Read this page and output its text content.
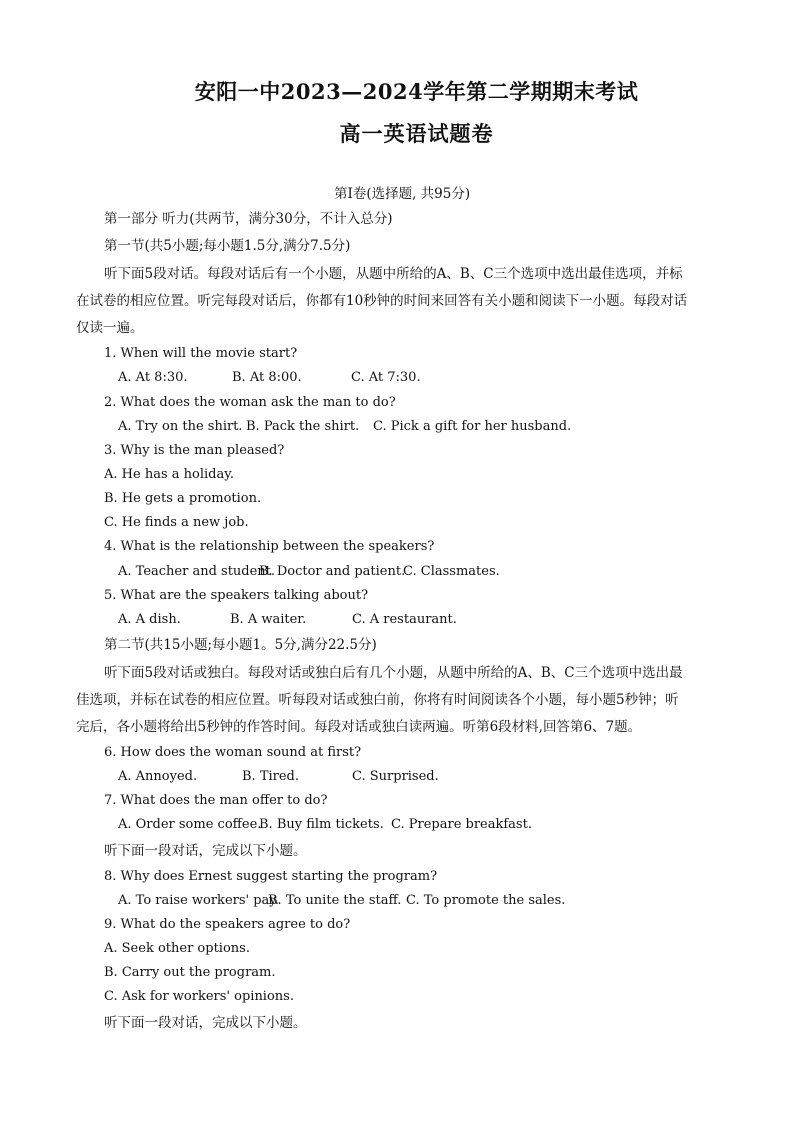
安阳一中2023—2024学年第二学期期末考试
高一英语试题卷
第Ⅰ卷(选择题, 共95分)
第一部分 听力(共两节，满分30分，不计入总分)
第一节(共5小题;每小题1.5分,满分7.5分)
听下面5段对话。每段对话后有一个小题，从题中所给的A、B、C三个选项中选出最佳选项，并标
在试卷的相应位置。听完每段对话后，你都有10秒钟的时间来回答有关小题和阅读下一小题。每段对话
仅读一遍。
1. When will the movie start?
A. At 8:30.	B. At 8:00.	C. At 7:30.
2. What does the woman ask the man to do?
A. Try on the shirt. B. Pack the shirt. C. Pick a gift for her husband.
3. Why is the man pleased?
A. He has a holiday.
B. He gets a promotion.
C. He finds a new job.
4. What is the relationship between the speakers?
A. Teacher and student.
B. Doctor and patient.
C. Classmates.
5. What are the speakers talking about?
A. A dish.	B. A waiter.	C. A restaurant.
第二节(共15小题;每小题1。5分,满分22.5分)
听下面5段对话或独白。每段对话或独白后有几个小题，从题中所给的A、B、C三个选项中选出最
佳选项，并标在试卷的相应位置。听每段对话或独白前，你将有时间阅读各个小题，每小题5秒钟；听
完后，各小题将给出5秒钟的作答时间。每段对话或独白读两遍。听第6段材料,回答第6、7题。
6. How does the woman sound at first?
A. Annoyed.	B. Tired.	C. Surprised.
7. What does the man offer to do?
A. Order some coffee.
B. Buy film tickets. C. Prepare breakfast.
听下面一段对话，完成以下小题。
8. Why does Ernest suggest starting the program?
A. To raise workers' pay.
B. To unite the staff. C. To promote the sales.
9. What do the speakers agree to do?
A. Seek other options.
B. Carry out the program.
C. Ask for workers' opinions.
听下面一段对话，完成以下小题。
